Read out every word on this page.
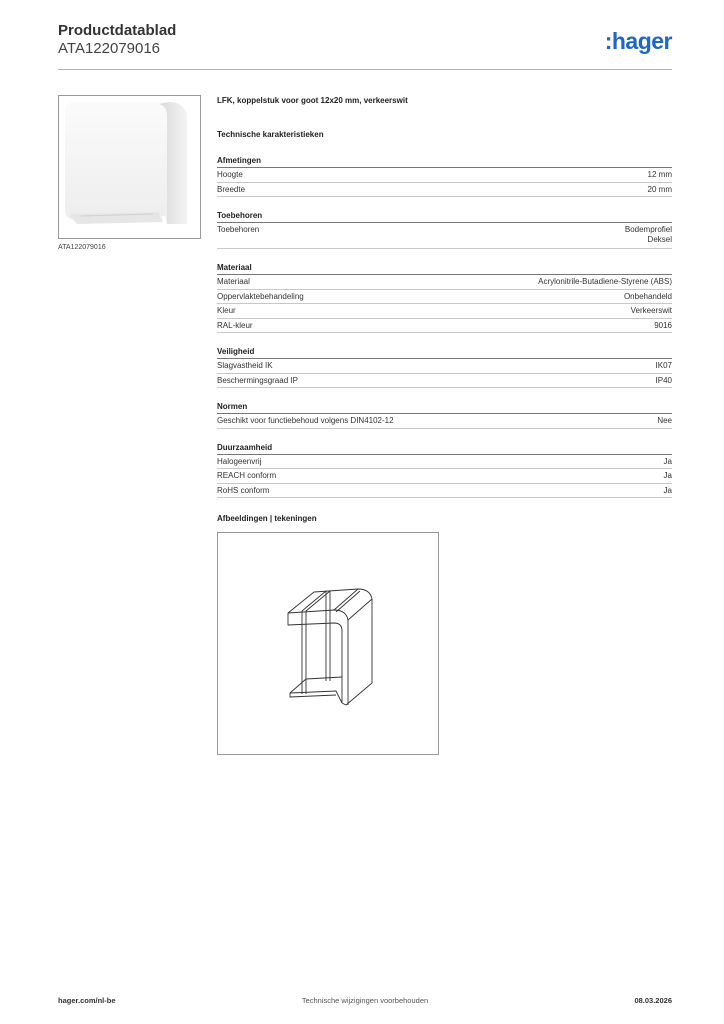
Productdatablad
ATA122079016	:hager
ATA122079016
LFK, koppelstuk voor goot 12x20 mm, verkeerswit
Technische karakteristieken
Afmetingen
Hoogte	12 mm
Breedte	20 mm
Toebehoren
Toebehoren	Bodemprofiel
Deksel
Materiaal
Materiaal	Acrylonitrile-Butadiene-Styrene (ABS)
Oppervlaktebehandeling	Onbehandeld
Kleur	Verkeerswit
RAL-kleur	9016
Veiligheid
Slagvastheid IK	IK07
Beschermingsgraad IP	IP40
Normen
Geschikt voor functiebehoud volgens DIN4102-12	Nee
Duurzaamheid
Halogeenvrij	Ja
REACH conform	Ja
RoHS conform	Ja
Afbeeldingen | tekeningen
Technische wijzigingen voorbehouden
hager.com/nl-be	08.03.2026
